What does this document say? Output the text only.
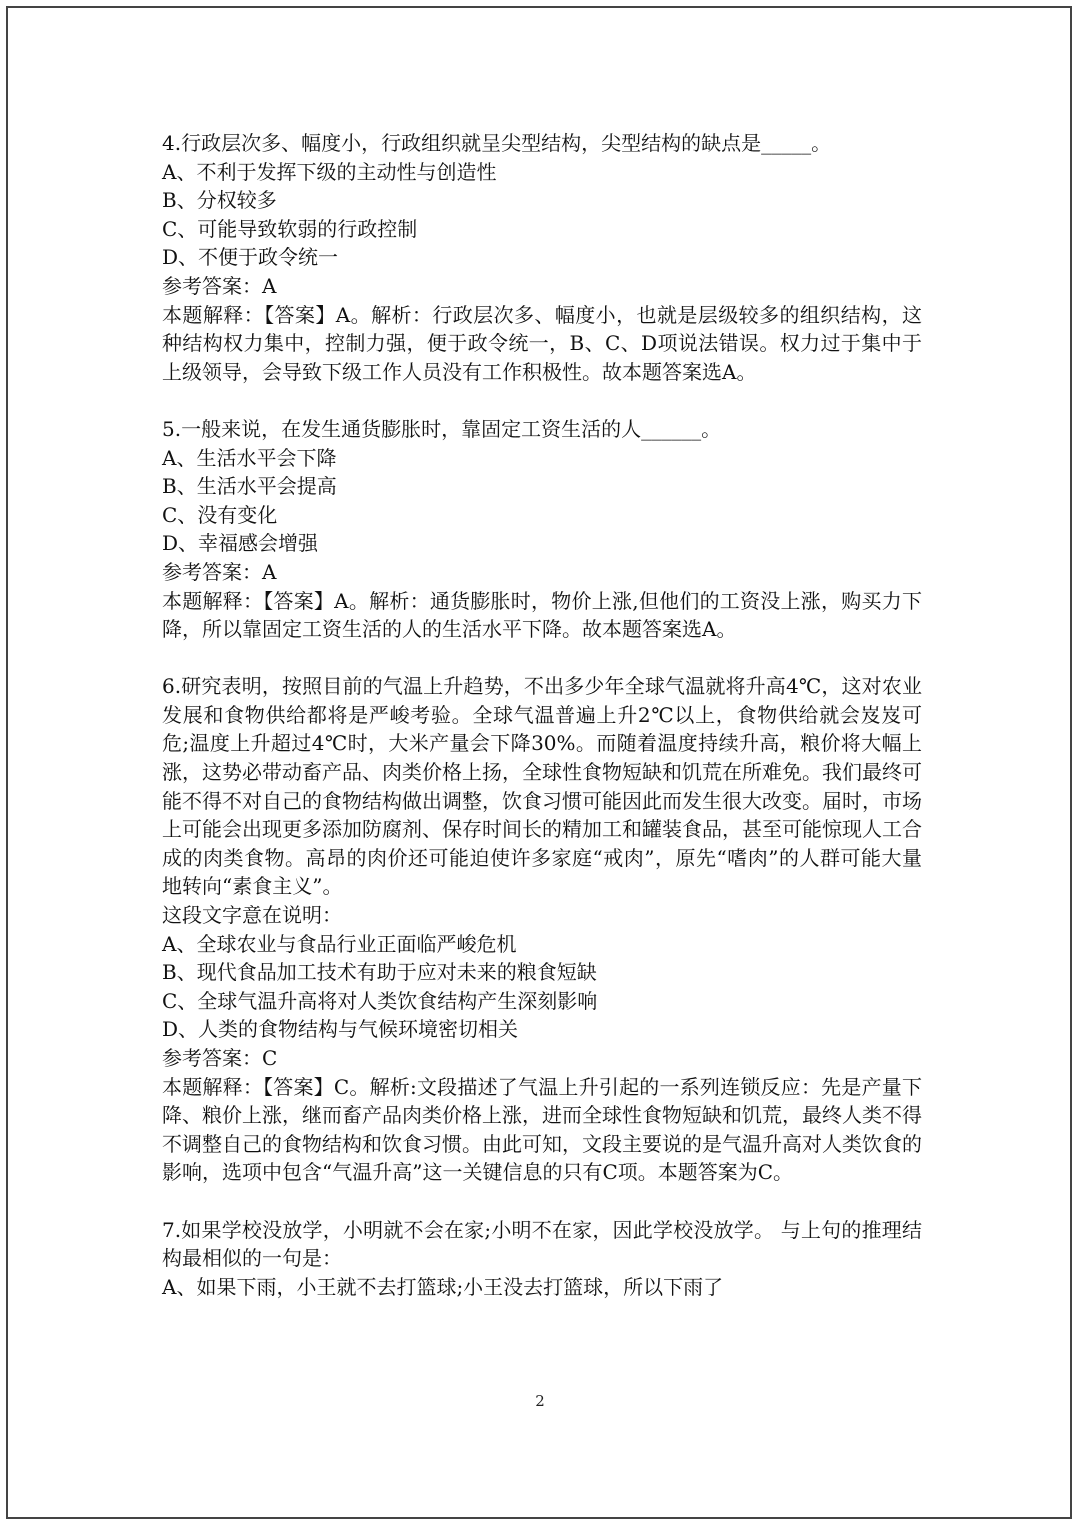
4.行政层次多、幅度小，行政组织就呈尖型结构，尖型结构的缺点是_____。
A、不利于发挥下级的主动性与创造性
B、分权较多
C、可能导致软弱的行政控制
D、不便于政令统一
参考答案：A
本题解释：【答案】A。解析：行政层次多、幅度小，也就是层级较多的组织结构，这种结构权力集中，控制力强，便于政令统一，B、C、D项说法错误。权力过于集中于上级领导，会导致下级工作人员没有工作积极性。故本题答案选A。
5.一般来说，在发生通货膨胀时，靠固定工资生活的人______。
A、生活水平会下降
B、生活水平会提高
C、没有变化
D、幸福感会增强
参考答案：A
本题解释：【答案】A。解析：通货膨胀时，物价上涨,但他们的工资没上涨，购买力下降，所以靠固定工资生活的人的生活水平下降。故本题答案选A。
6.研究表明，按照目前的气温上升趋势，不出多少年全球气温就将升高4℃，这对农业发展和食物供给都将是严峻考验。全球气温普遍上升2℃以上，食物供给就会岌岌可危;温度上升超过4℃时，大米产量会下降30%。而随着温度持续升高，粮价将大幅上涨，这势必带动畜产品、肉类价格上扬，全球性食物短缺和饥荒在所难免。我们最终可能不得不对自己的食物结构做出调整，饮食习惯可能因此而发生很大改变。届时，市场上可能会出现更多添加防腐剂、保存时间长的精加工和罐装食品，甚至可能惊现人工合成的肉类食物。高昂的肉价还可能迫使许多家庭“戒肉”，原先“嗜肉”的人群可能大量地转向“素食主义”。
这段文字意在说明：
A、全球农业与食品行业正面临严峻危机
B、现代食品加工技术有助于应对未来的粮食短缺
C、全球气温升高将对人类饮食结构产生深刻影响
D、人类的食物结构与气候环境密切相关
参考答案：C
本题解释：【答案】C。解析:文段描述了气温上升引起的一系列连锁反应：先是产量下降、粮价上涨，继而畜产品肉类价格上涨，进而全球性食物短缺和饥荒，最终人类不得不调整自己的食物结构和饮食习惯。由此可知，文段主要说的是气温升高对人类饮食的影响，选项中包含“气温升高”这一关键信息的只有C项。本题答案为C。
7.如果学校没放学，小明就不会在家;小明不在家，因此学校没放学。 与上句的推理结构最相似的一句是：
A、如果下雨，小王就不去打篮球;小王没去打篮球，所以下雨了
2
